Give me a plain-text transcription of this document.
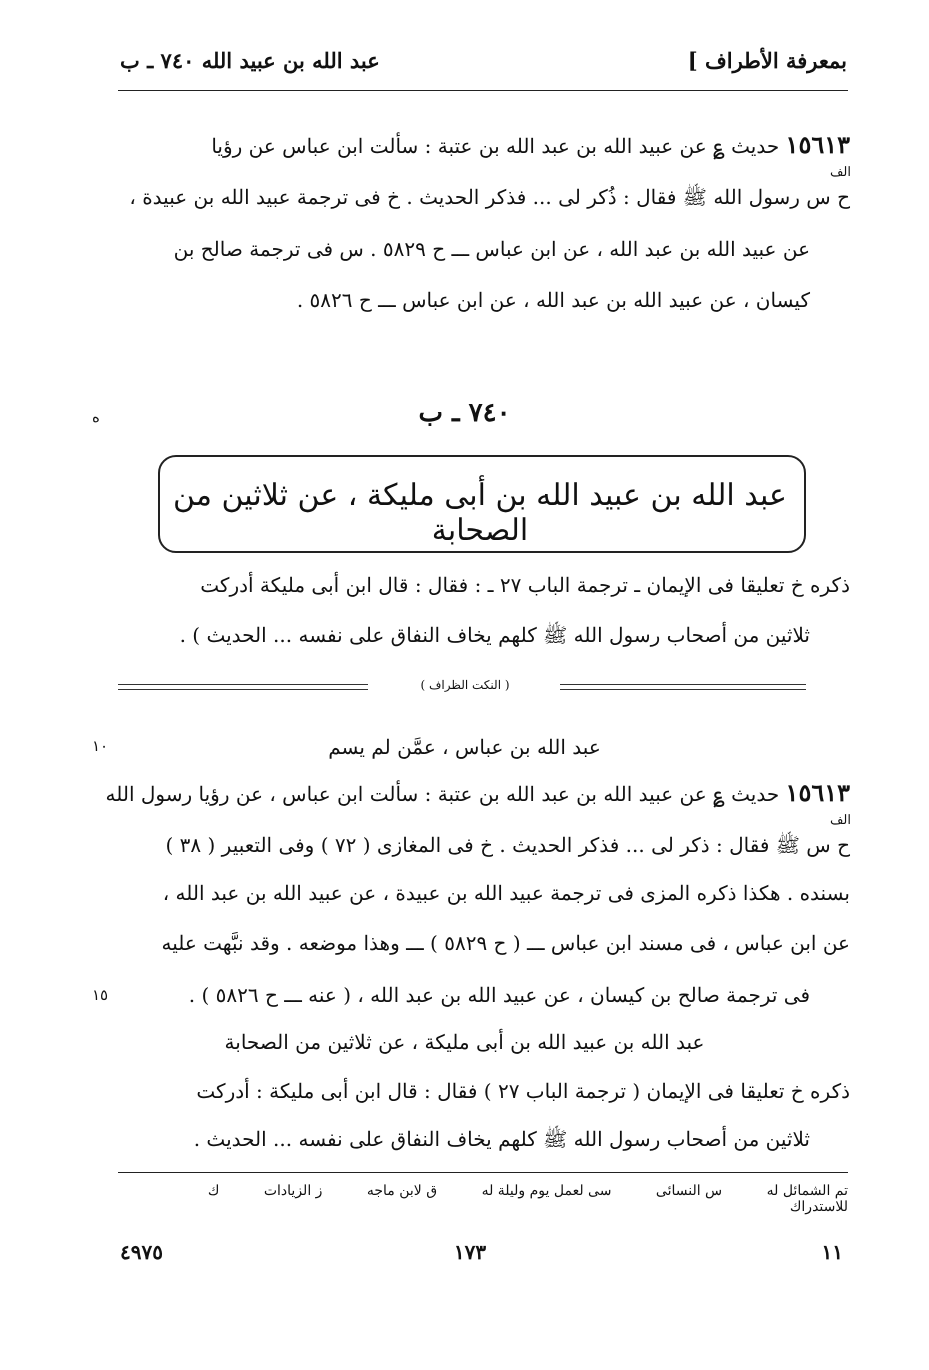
بمعرفة الأطراف ]
عبد الله بن عبيد الله ٧٤٠ ـ ب
١٥٦١٣ حديث ؏ عن عبيد الله بن عبد الله بن عتبة : سألت ابن عباس عن رؤيا
الف
ح س رسول الله ﷺ فقال : ذُكر لى ... فذكر الحديث . خ فى ترجمة عبيد الله بن عبيدة ،
عن عبيد الله بن عبد الله ، عن ابن عباس ـــ ح ٥٨٢٩ . س فى ترجمة صالح بن
كيسان ، عن عبيد الله بن عبد الله ، عن ابن عباس ـــ ح ٥٨٢٦ .
٧٤٠ ـ ب
ه
عبد الله بن عبيد الله بن أبى مليكة ، عن ثلاثين من الصحابة
ذكره خ تعليقا فى الإيمان ـ ترجمة الباب ٢٧ ـ : فقال : قال ابن أبى مليكة أدركت
ثلاثين من أصحاب رسول الله ﷺ كلهم يخاف النفاق على نفسه ... الحديث ) .
( النكت الظراف )
عبد الله بن عباس ، عمَّن لم يسم
١٠
١٥٦١٣ حديث ؏ عن عبيد الله بن عبد الله بن عتبة : سألت ابن عباس ، عن رؤيا رسول الله
الف
ح س ﷺ فقال : ذكر لى ... فذكر الحديث . خ فى المغازى ( ٧٢ ) وفى التعبير ( ٣٨ )
بسنده . هكذا ذكره المزى فى ترجمة عبيد الله بن عبيدة ، عن عبيد الله بن عبد الله ،
عن ابن عباس ، فى مسند ابن عباس ـــ ( ح ٥٨٢٩ ) ـــ وهذا موضعه . وقد نبَّهت عليه
١٥	فى ترجمة صالح بن كيسان ، عن عبيد الله بن عبد الله ، ( عنه ـــ ح ٥٨٢٦ ) .
عبد الله بن عبيد الله بن أبى مليكة ، عن ثلاثين من الصحابة
ذكره خ تعليقا فى الإيمان ( ترجمة الباب ٢٧ ) فقال : قال ابن أبى مليكة : أدركت
ثلاثين من أصحاب رسول الله ﷺ كلهم يخاف النفاق على نفسه ... الحديث .
تم الشمائل له س النسائى سى لعمل يوم وليلة له ق لابن ماجه ز الزيادات ك للاستدراك
١١
١٧٣
٤٩٧٥
